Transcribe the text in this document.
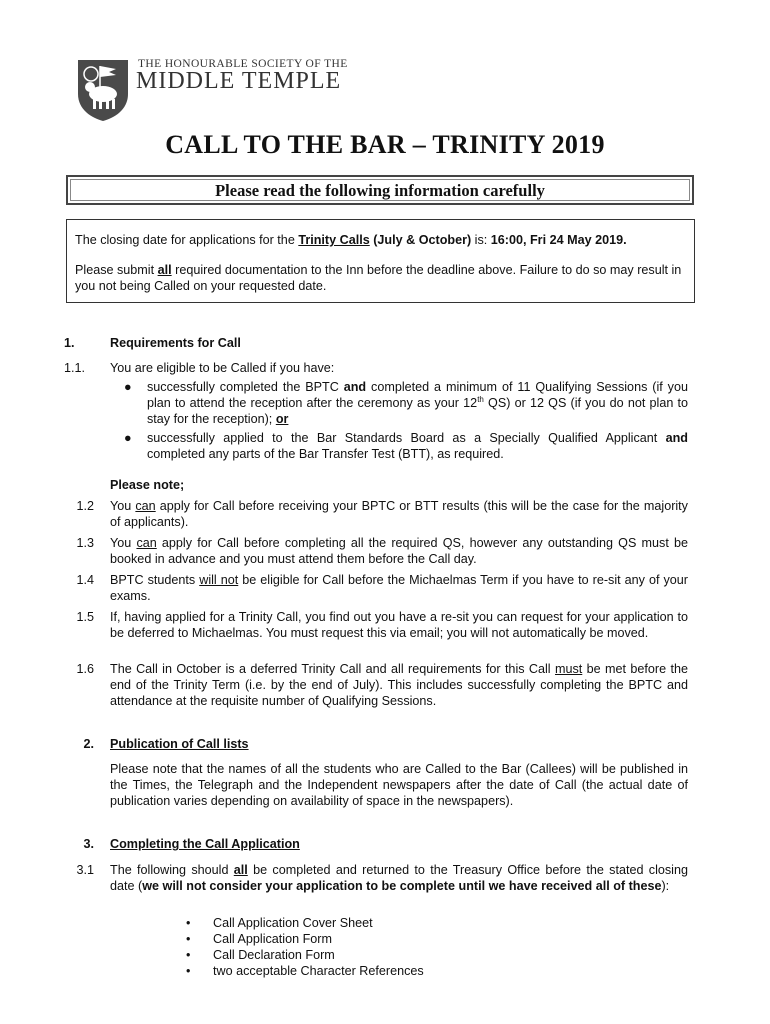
THE HONOURABLE SOCIETY OF THE
MIDDLE TEMPLE
CALL TO THE BAR – TRINITY 2019
Please read the following information carefully

The closing date for applications for the Trinity Calls (July & October) is: 16:00, Fri 24 May 2019.

Please submit all required documentation to the Inn before the deadline above. Failure to do so may result in you not being Called on your requested date.

1.	Requirements for Call
1.1.	You are eligible to be Called if you have:
●	successfully completed the BPTC and completed a minimum of 11 Qualifying Sessions (if you plan to attend the reception after the ceremony as your 12th QS) or 12 QS (if you do not plan to stay for the reception); or
●	successfully applied to the Bar Standards Board as a Specially Qualified Applicant and completed any parts of the Bar Transfer Test (BTT), as required.
Please note;
1.2 You can apply for Call before receiving your BPTC or BTT results (this will be the case for the majority of applicants).
1.3 You can apply for Call before completing all the required QS, however any outstanding QS must be booked in advance and you must attend them before the Call day.
1.4 BPTC students will not be eligible for Call before the Michaelmas Term if you have to re-sit any of your exams.
1.5 If, having applied for a Trinity Call, you find out you have a re-sit you can request for your application to be deferred to Michaelmas. You must request this via email; you will not automatically be moved.
1.6 The Call in October is a deferred Trinity Call and all requirements for this Call must be met before the end of the Trinity Term (i.e. by the end of July). This includes successfully completing the BPTC and attendance at the requisite number of Qualifying Sessions.
2. Publication of Call lists
Please note that the names of all the students who are Called to the Bar (Callees) will be published in the Times, the Telegraph and the Independent newspapers after the date of Call (the actual date of publication varies depending on availability of space in the newspapers).
3. Completing the Call Application
3.1 The following should all be completed and returned to the Treasury Office before the stated closing date (we will not consider your application to be complete until we have received all of these):
• Call Application Cover Sheet
• Call Application Form
• Call Declaration Form
• two acceptable Character References
